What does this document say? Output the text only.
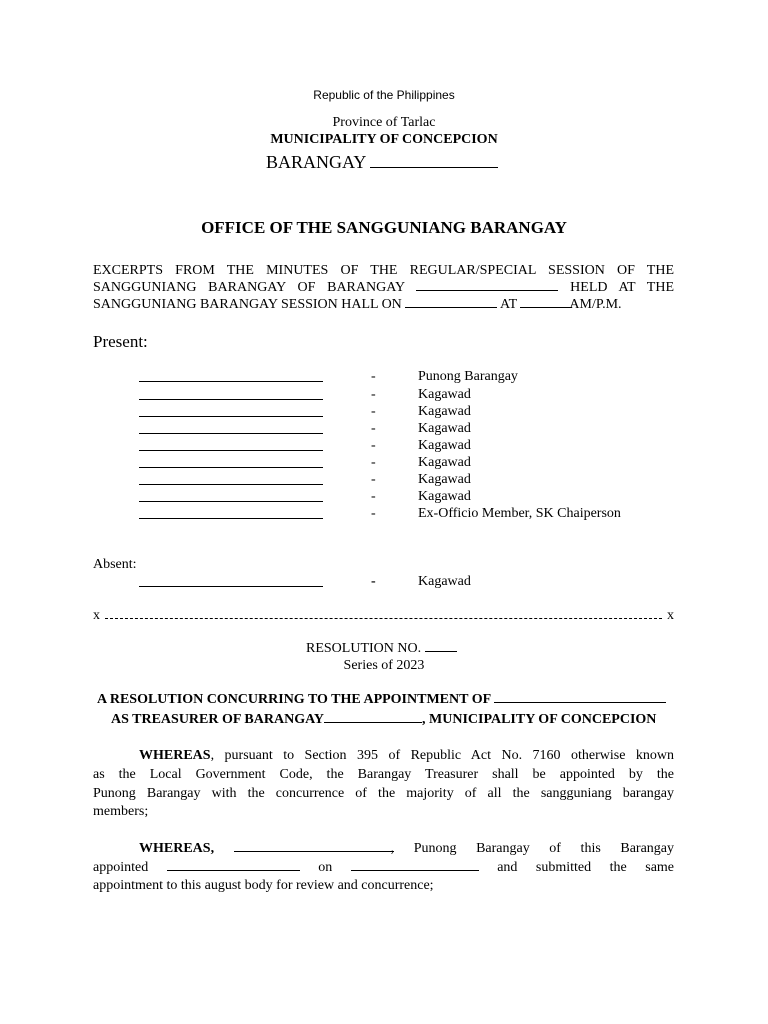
Republic of the Philippines
Province of Tarlac
MUNICIPALITY OF CONCEPCION
BARANGAY
OFFICE OF THE SANGGUNIANG BARANGAY
EXCERPTS FROM THE MINUTES OF THE REGULAR/SPECIAL SESSION OF THE
SANGGUNIANG BARANGAY OF BARANGAY	HELD AT THE
SANGGUNIANG BARANGAY SESSION HALL ON	AT	AM/P.M.
Present:
-	Punong Barangay
-	Kagawad
-	Kagawad
-	Kagawad
-	Kagawad
-	Kagawad
-	Kagawad
-	Kagawad
-	Ex-Officio Member, SK Chaiperson
Absent:
-	Kagawad
x	x
RESOLUTION NO.
Series of 2023
A RESOLUTION CONCURRING TO THE APPOINTMENT OF
AS TREASURER OF BARANGAY	, MUNICIPALITY OF CONCEPCION
WHEREAS, pursuant to Section 395 of Republic Act No. 7160 otherwise known
as the Local Government Code, the Barangay Treasurer shall be appointed by the
Punong Barangay with the concurrence of the majority of all the sangguniang barangay
members;
WHEREAS,	, Punong Barangay of this Barangay
appointed	on	and submitted the same
appointment to this august body for review and concurrence;
